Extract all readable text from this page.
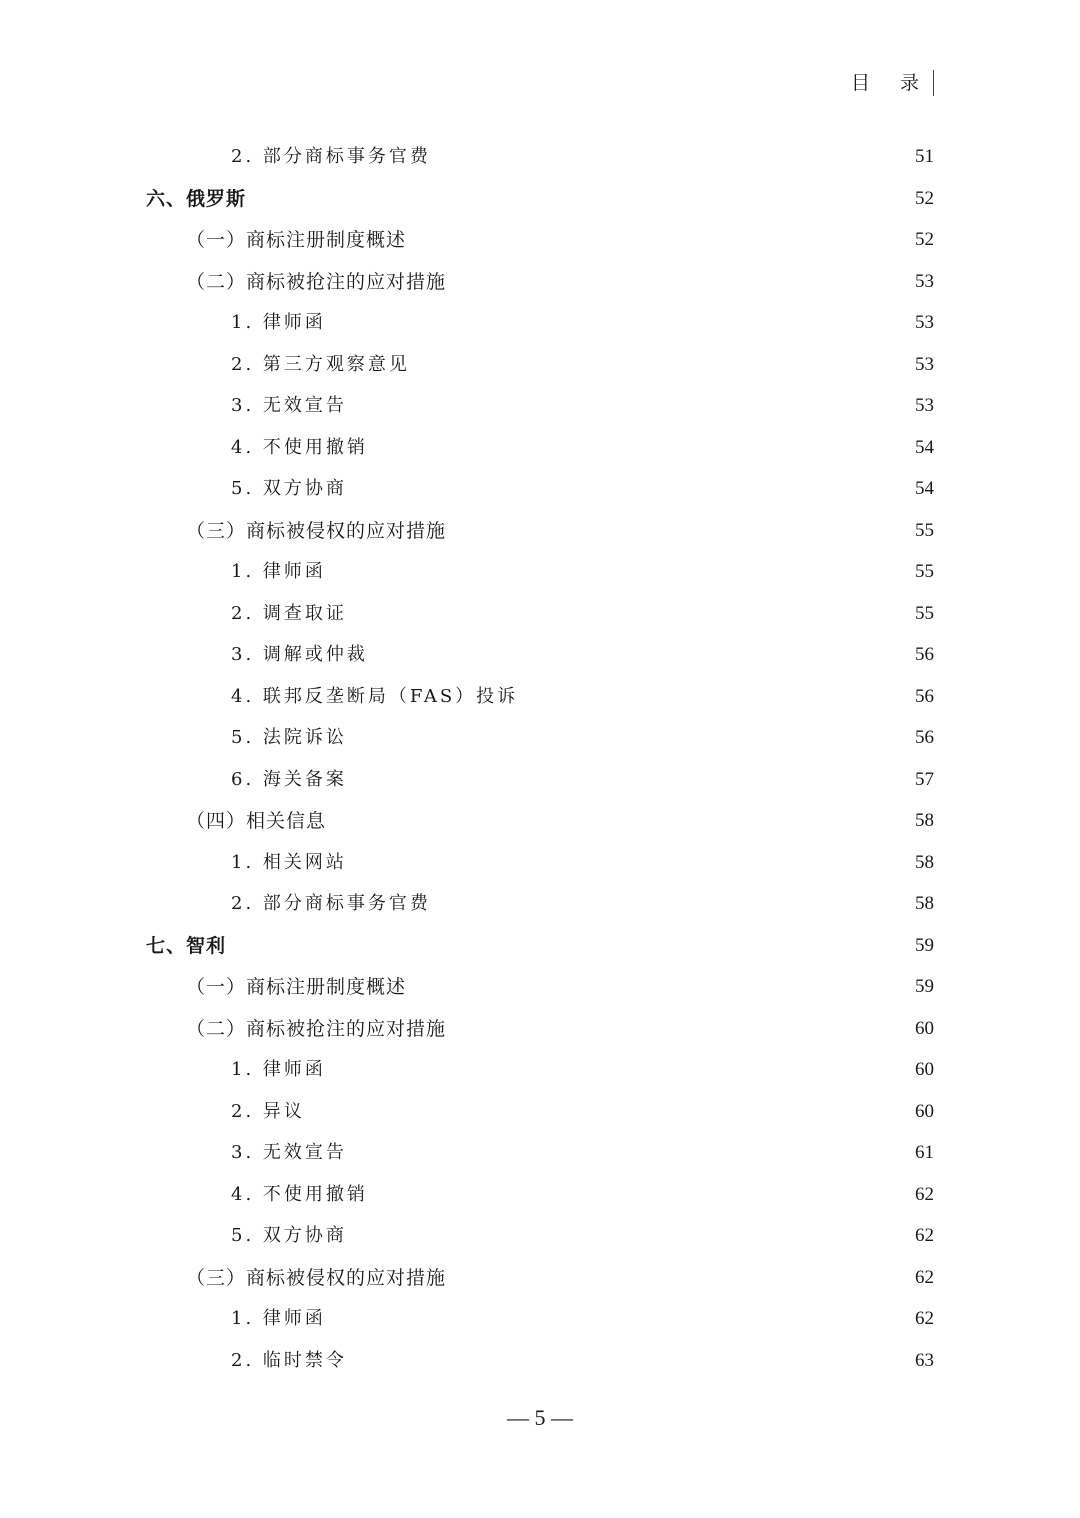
目 录
2. 部分商标事务官费	51
六、俄罗斯	52
（一）商标注册制度概述	52
（二）商标被抢注的应对措施	53
1. 律师函	53
2. 第三方观察意见	53
3. 无效宣告	53
4. 不使用撤销	54
5. 双方协商	54
（三）商标被侵权的应对措施	55
1. 律师函	55
2. 调查取证	55
3. 调解或仲裁	56
4. 联邦反垄断局（FAS）投诉	56
5. 法院诉讼	56
6. 海关备案	57
（四）相关信息	58
1. 相关网站	58
2. 部分商标事务官费	58
七、智利	59
（一）商标注册制度概述	59
（二）商标被抢注的应对措施	60
1. 律师函	60
2. 异议	60
3. 无效宣告	61
4. 不使用撤销	62
5. 双方协商	62
（三）商标被侵权的应对措施	62
1. 律师函	62
2. 临时禁令	63
— 5 —
